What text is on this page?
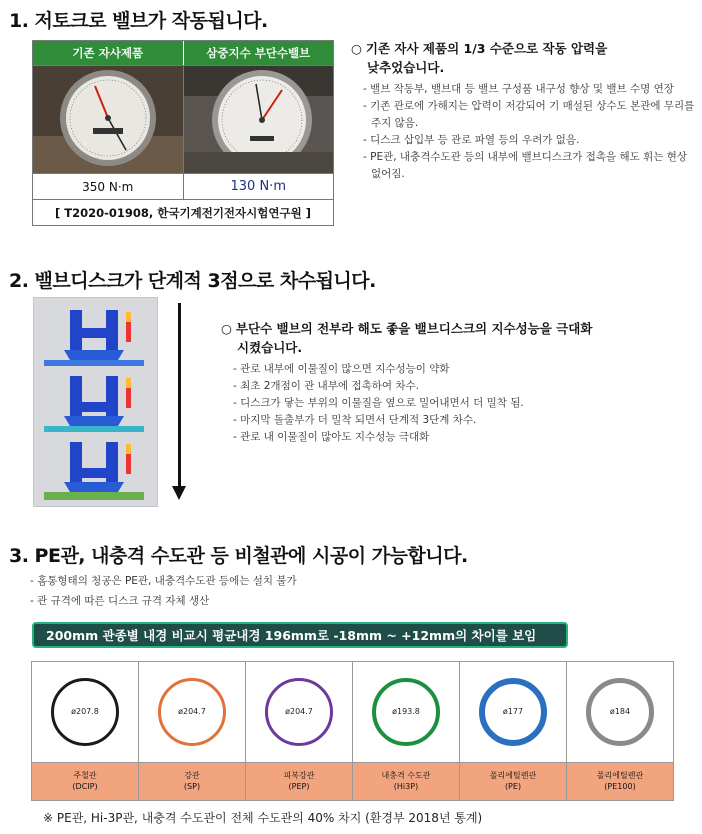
1. 저토크로 밸브가 작동됩니다.
기존 자사제품	삼중지수 부단수밸브
350 N·m	130 N·m
[ T2020-01908, 한국기계전기전자시험연구원 ]
○ 기존 자사 제품의 1/3 수준으로 작동 압력을
낮추었습니다.
- 밸브 작동부, 밸브대 등 밸브 구성품 내구성 향상 및 밸브 수명 연장
- 기존 관로에 가해지는 압력이 저감되어 기 매설된 상수도 본관에 무리를 주지 않음.
- 디스크 삽입부 등 관로 파열 등의 우려가 없음.
- PE관, 내충격수도관 등의 내부에 밸브디스크가 접촉을 해도 휘는 현상 없어짐.
2. 밸브디스크가 단계적 3점으로 차수됩니다.
○ 부단수 밸브의 전부라 해도 좋을 밸브디스크의 지수성능을 극대화
시켰습니다.
- 관로 내부에 이물질이 많으면 지수성능이 약화
- 최초 2개점이 관 내부에 접촉하여 차수.
- 디스크가 닿는 부위의 이물질을 옆으로 밀어내면서 더 밀착 됨.
- 마지막 돌출부가 더 밀착 되면서 단계적 3단계 차수.
- 관로 내 이물질이 많아도 지수성능 극대화
3. PE관, 내충격 수도관 등 비철관에 시공이 가능합니다.
- 홈통형태의 청공은 PE관, 내충격수도관 등에는 설치 불가
- 관 규격에 따른 디스크 규격 자체 생산
200mm 관종별 내경 비교시 평균내경 196mm로 -18mm ~ +12mm의 차이를 보임
ø207.8
주철관
(DCIP)
ø204.7
강관
(SP)
ø204.7
피복강관
(PEP)
ø193.8
내충격 수도관
(Hi3P)
ø177
폴리에틸렌관
(PE)
ø184
폴리에틸렌관
(PE100)
※ PE관, Hi-3P관, 내충격 수도관이 전체 수도관의 40% 차지 (환경부 2018년 통계)
